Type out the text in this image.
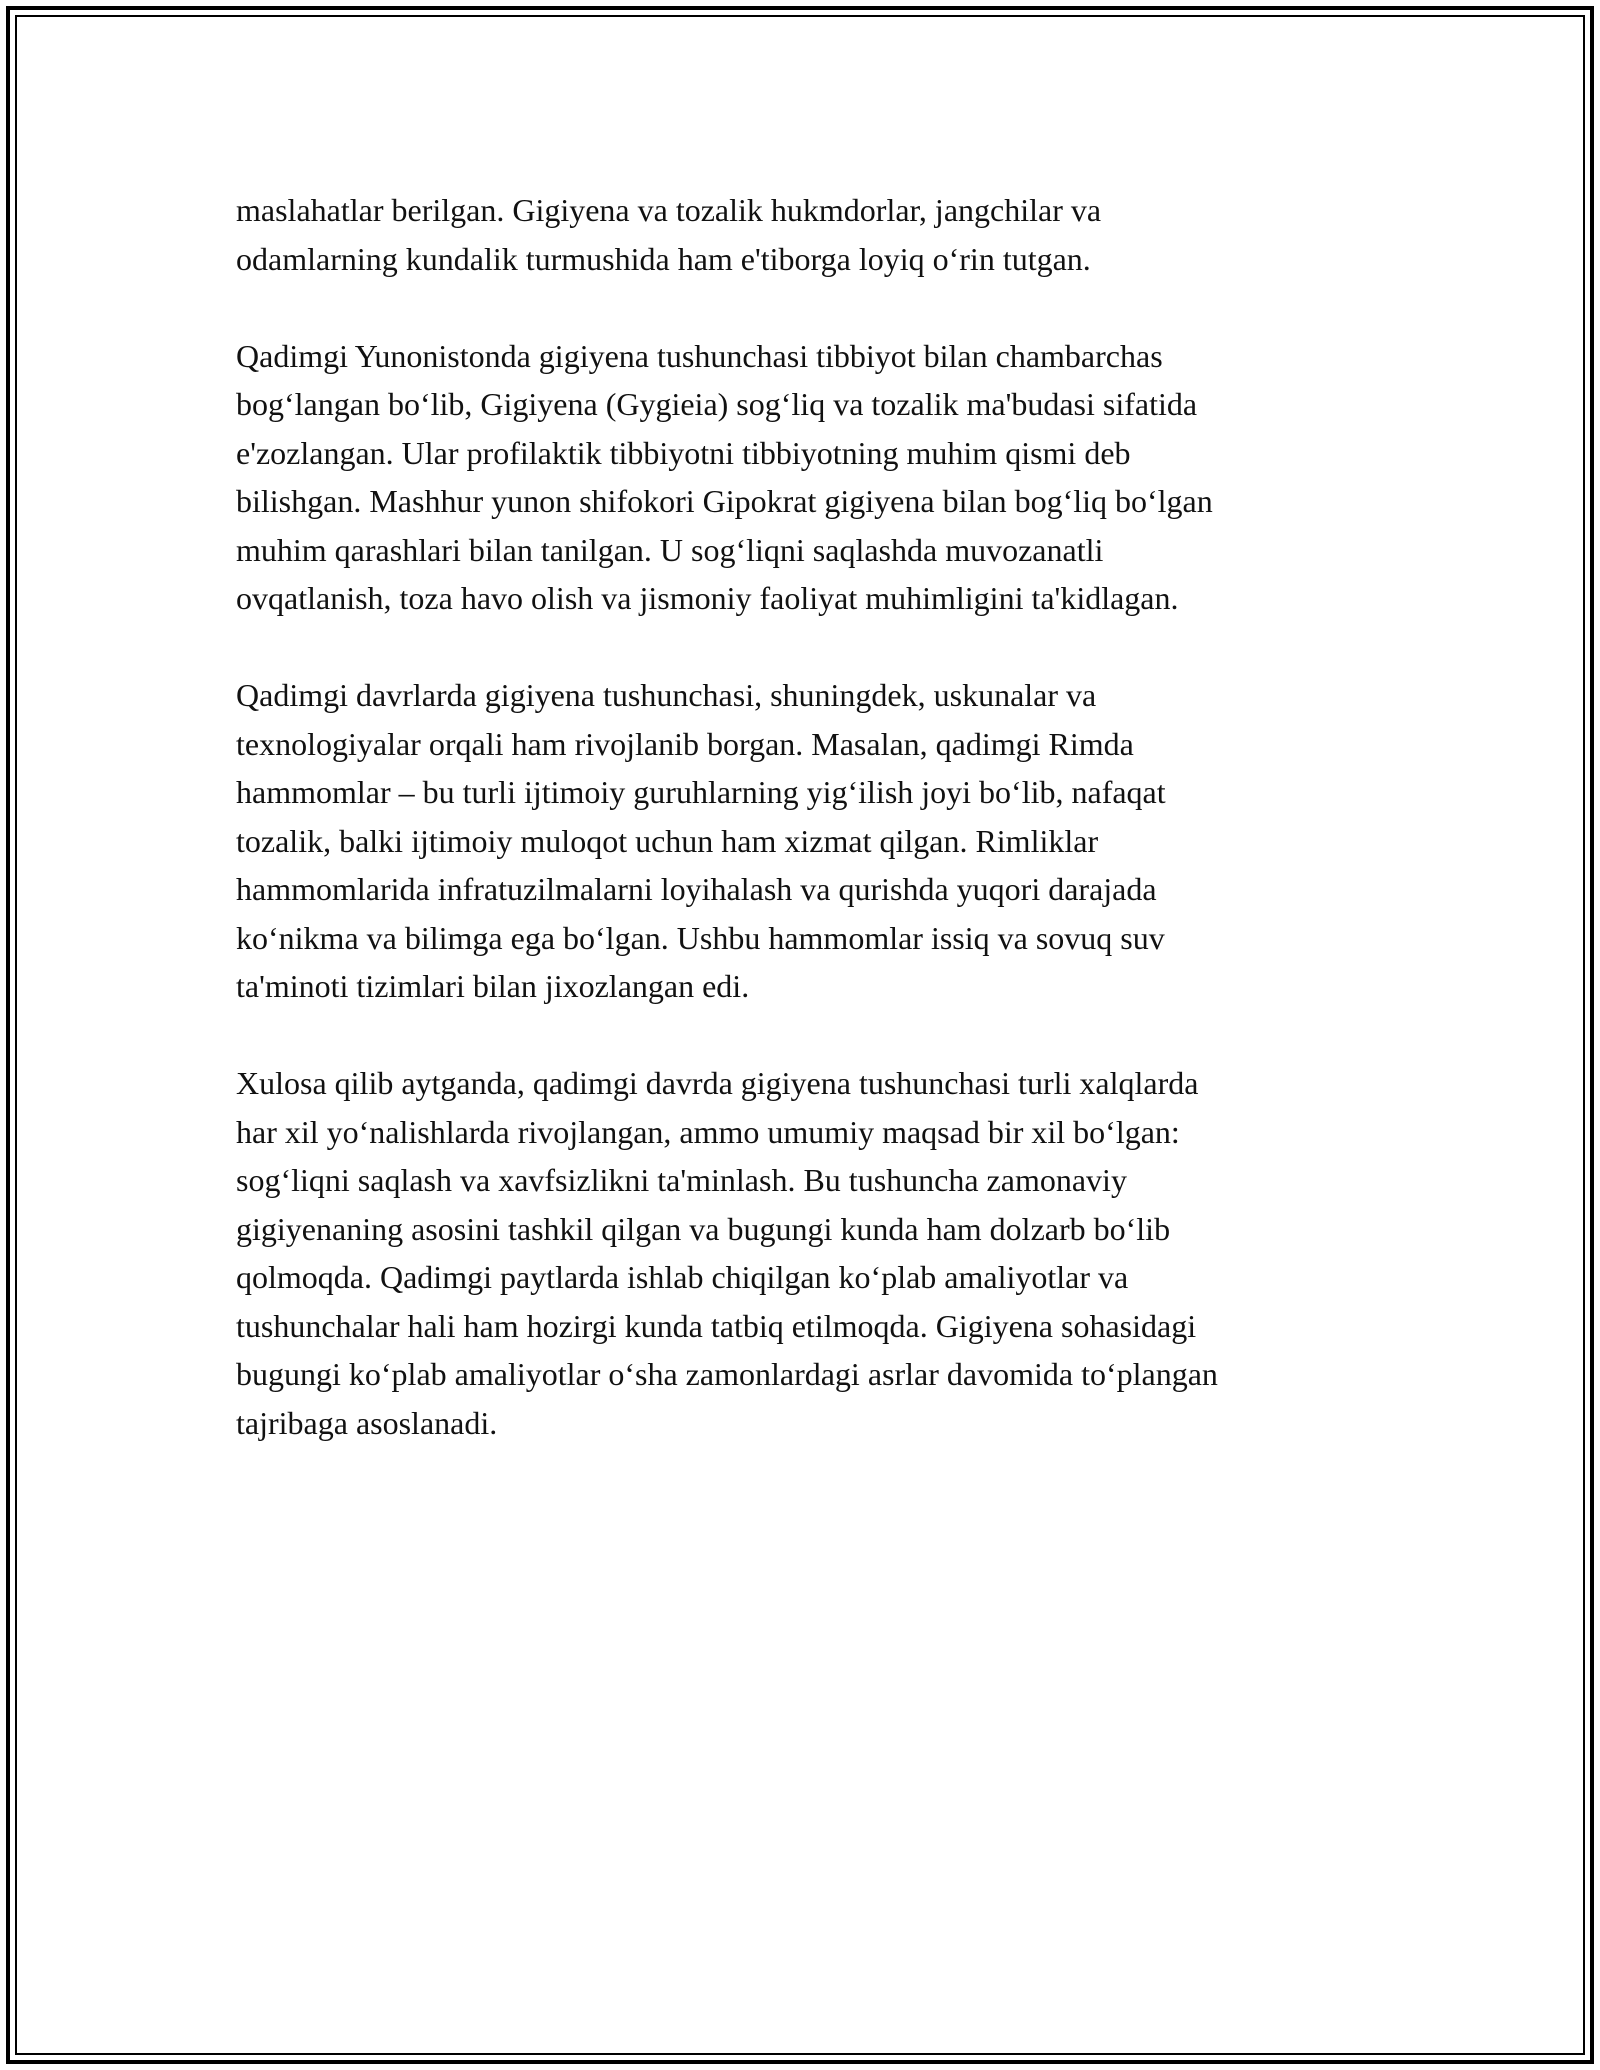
maslahatlar berilgan. Gigiyena va tozalik hukmdorlar, jangchilar va
odamlarning kundalik turmushida ham e'tiborga loyiq o‘rin tutgan.

Qadimgi Yunonistonda gigiyena tushunchasi tibbiyot bilan chambarchas
bog‘langan bo‘lib, Gigiyena (Gygieia) sog‘liq va tozalik ma'budasi sifatida
e'zozlangan. Ular profilaktik tibbiyotni tibbiyotning muhim qismi deb
bilishgan. Mashhur yunon shifokori Gipokrat gigiyena bilan bog‘liq bo‘lgan
muhim qarashlari bilan tanilgan. U sog‘liqni saqlashda muvozanatli
ovqatlanish, toza havo olish va jismoniy faoliyat muhimligini ta'kidlagan.

Qadimgi davrlarda gigiyena tushunchasi, shuningdek, uskunalar va
texnologiyalar orqali ham rivojlanib borgan. Masalan, qadimgi Rimda
hammomlar – bu turli ijtimoiy guruhlarning yig‘ilish joyi bo‘lib, nafaqat
tozalik, balki ijtimoiy muloqot uchun ham xizmat qilgan. Rimliklar
hammomlarida infratuzilmalarni loyihalash va qurishda yuqori darajada
ko‘nikma va bilimga ega bo‘lgan. Ushbu hammomlar issiq va sovuq suv
ta'minoti tizimlari bilan jixozlangan edi.

Xulosa qilib aytganda, qadimgi davrda gigiyena tushunchasi turli xalqlarda
har xil yo‘nalishlarda rivojlangan, ammo umumiy maqsad bir xil bo‘lgan:
sog‘liqni saqlash va xavfsizlikni ta'minlash. Bu tushuncha zamonaviy
gigiyenaning asosini tashkil qilgan va bugungi kunda ham dolzarb bo‘lib
qolmoqda. Qadimgi paytlarda ishlab chiqilgan ko‘plab amaliyotlar va
tushunchalar hali ham hozirgi kunda tatbiq etilmoqda. Gigiyena sohasidagi
bugungi ko‘plab amaliyotlar o‘sha zamonlardagi asrlar davomida to‘plangan
tajribaga asoslanadi.
